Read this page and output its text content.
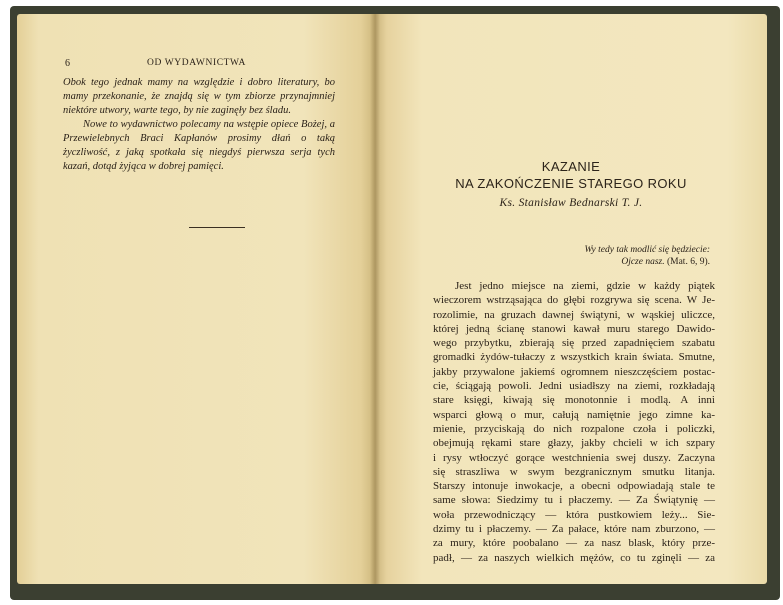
6	OD WYDAWNICTWA

Obok tego jednak mamy na względzie i dobro literatury, bo mamy przekonanie, że znajdą się w tym zbiorze przynajmniej niektóre utwory, warte tego, by nie zaginęły bez śladu.

Nowe to wydawnictwo polecamy na wstępie opiece Bożej, a Przewielebnych Braci Kapłanów prosimy dłań o taką życzliwość, z jaką spotkała się niegdyś pierwsza serja tych kazań, dotąd żyjąca w dobrej pamięci.	KAZANIE
NA ZAKOŃCZENIE STAREGO ROKU
Ks. Stanisław Bednarski T. J.
Wy tedy tak modlić się będziecie:
Ojcze nasz. (Mat. 6, 9).
Jest jedno miejsce na ziemi, gdzie w każdy piątek
wieczorem wstrząsająca do głębi rozgrywa się scena. W Je-
rozolimie, na gruzach dawnej świątyni, w wąskiej uliczce,
której jedną ścianę stanowi kawał muru starego Dawido-
wego przybytku, zbierają się przed zapadnięciem szabatu
gromadki żydów-tułaczy z wszystkich krain świata. Smutne,
jakby przywalone jakiemś ogromnem nieszczęściem postac-
cie, ściągają powoli. Jedni usiadłszy na ziemi, rozkładają
stare księgi, kiwają się monotonnie i modlą. A inni
wsparci głową o mur, całują namiętnie jego zimne ka-
mienie, przyciskają do nich rozpalone czoła i policzki,
obejmują rękami stare głazy, jakby chcieli w ich szpary
i rysy wtłoczyć gorące westchnienia swej duszy. Zaczyna
się straszliwa w swym bezgranicznym smutku litanja.
Starszy intonuje inwokacje, a obecni odpowiadają stale te
same słowa: Siedzimy tu i płaczemy. — Za Świątynię —
woła przewodniczący — która pustkowiem leży... Sie-
dzimy tu i płaczemy. — Za pałace, które nam zburzono, —
za mury, które poobalano — za nasz blask, który prze-
padł, — za naszych wielkich mężów, co tu zginęli — za
